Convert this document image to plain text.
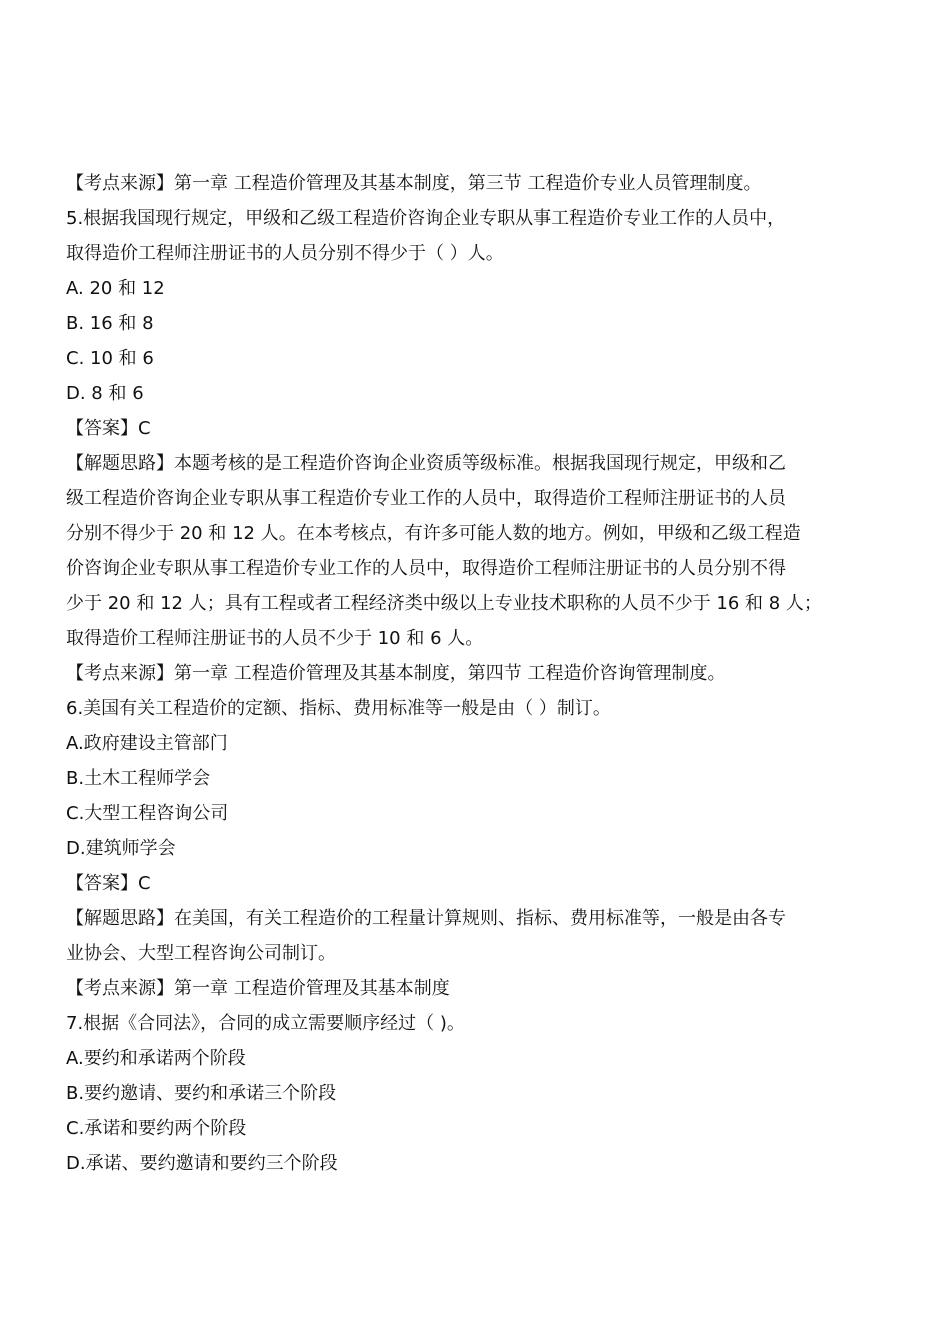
【考点来源】第一章 工程造价管理及其基本制度，第三节 工程造价专业人员管理制度。

5.根据我国现行规定，甲级和乙级工程造价咨询企业专职从事工程造价专业工作的人员中，

取得造价工程师注册证书的人员分别不得少于（ ）人。

A. 20 和 12

B. 16 和 8

C. 10 和 6

D. 8 和 6

【答案】C

【解题思路】本题考核的是工程造价咨询企业资质等级标准。根据我国现行规定，甲级和乙

级工程造价咨询企业专职从事工程造价专业工作的人员中，取得造价工程师注册证书的人员

分别不得少于 20 和 12 人。在本考核点，有许多可能人数的地方。例如，甲级和乙级工程造

价咨询企业专职从事工程造价专业工作的人员中，取得造价工程师注册证书的人员分别不得

少于 20 和 12 人；具有工程或者工程经济类中级以上专业技术职称的人员不少于 16 和 8 人；

取得造价工程师注册证书的人员不少于 10 和 6 人。

【考点来源】第一章 工程造价管理及其基本制度，第四节 工程造价咨询管理制度。

6.美国有关工程造价的定额、指标、费用标准等一般是由（ ）制订。

A.政府建设主管部门

B.土木工程师学会

C.大型工程咨询公司

D.建筑师学会

【答案】C

【解题思路】在美国，有关工程造价的工程量计算规则、指标、费用标准等，一般是由各专

业协会、大型工程咨询公司制订。

【考点来源】第一章 工程造价管理及其基本制度

7.根据《合同法》，合同的成立需要顺序经过（ )。

A.要约和承诺两个阶段

B.要约邀请、要约和承诺三个阶段

C.承诺和要约两个阶段

D.承诺、要约邀请和要约三个阶段
